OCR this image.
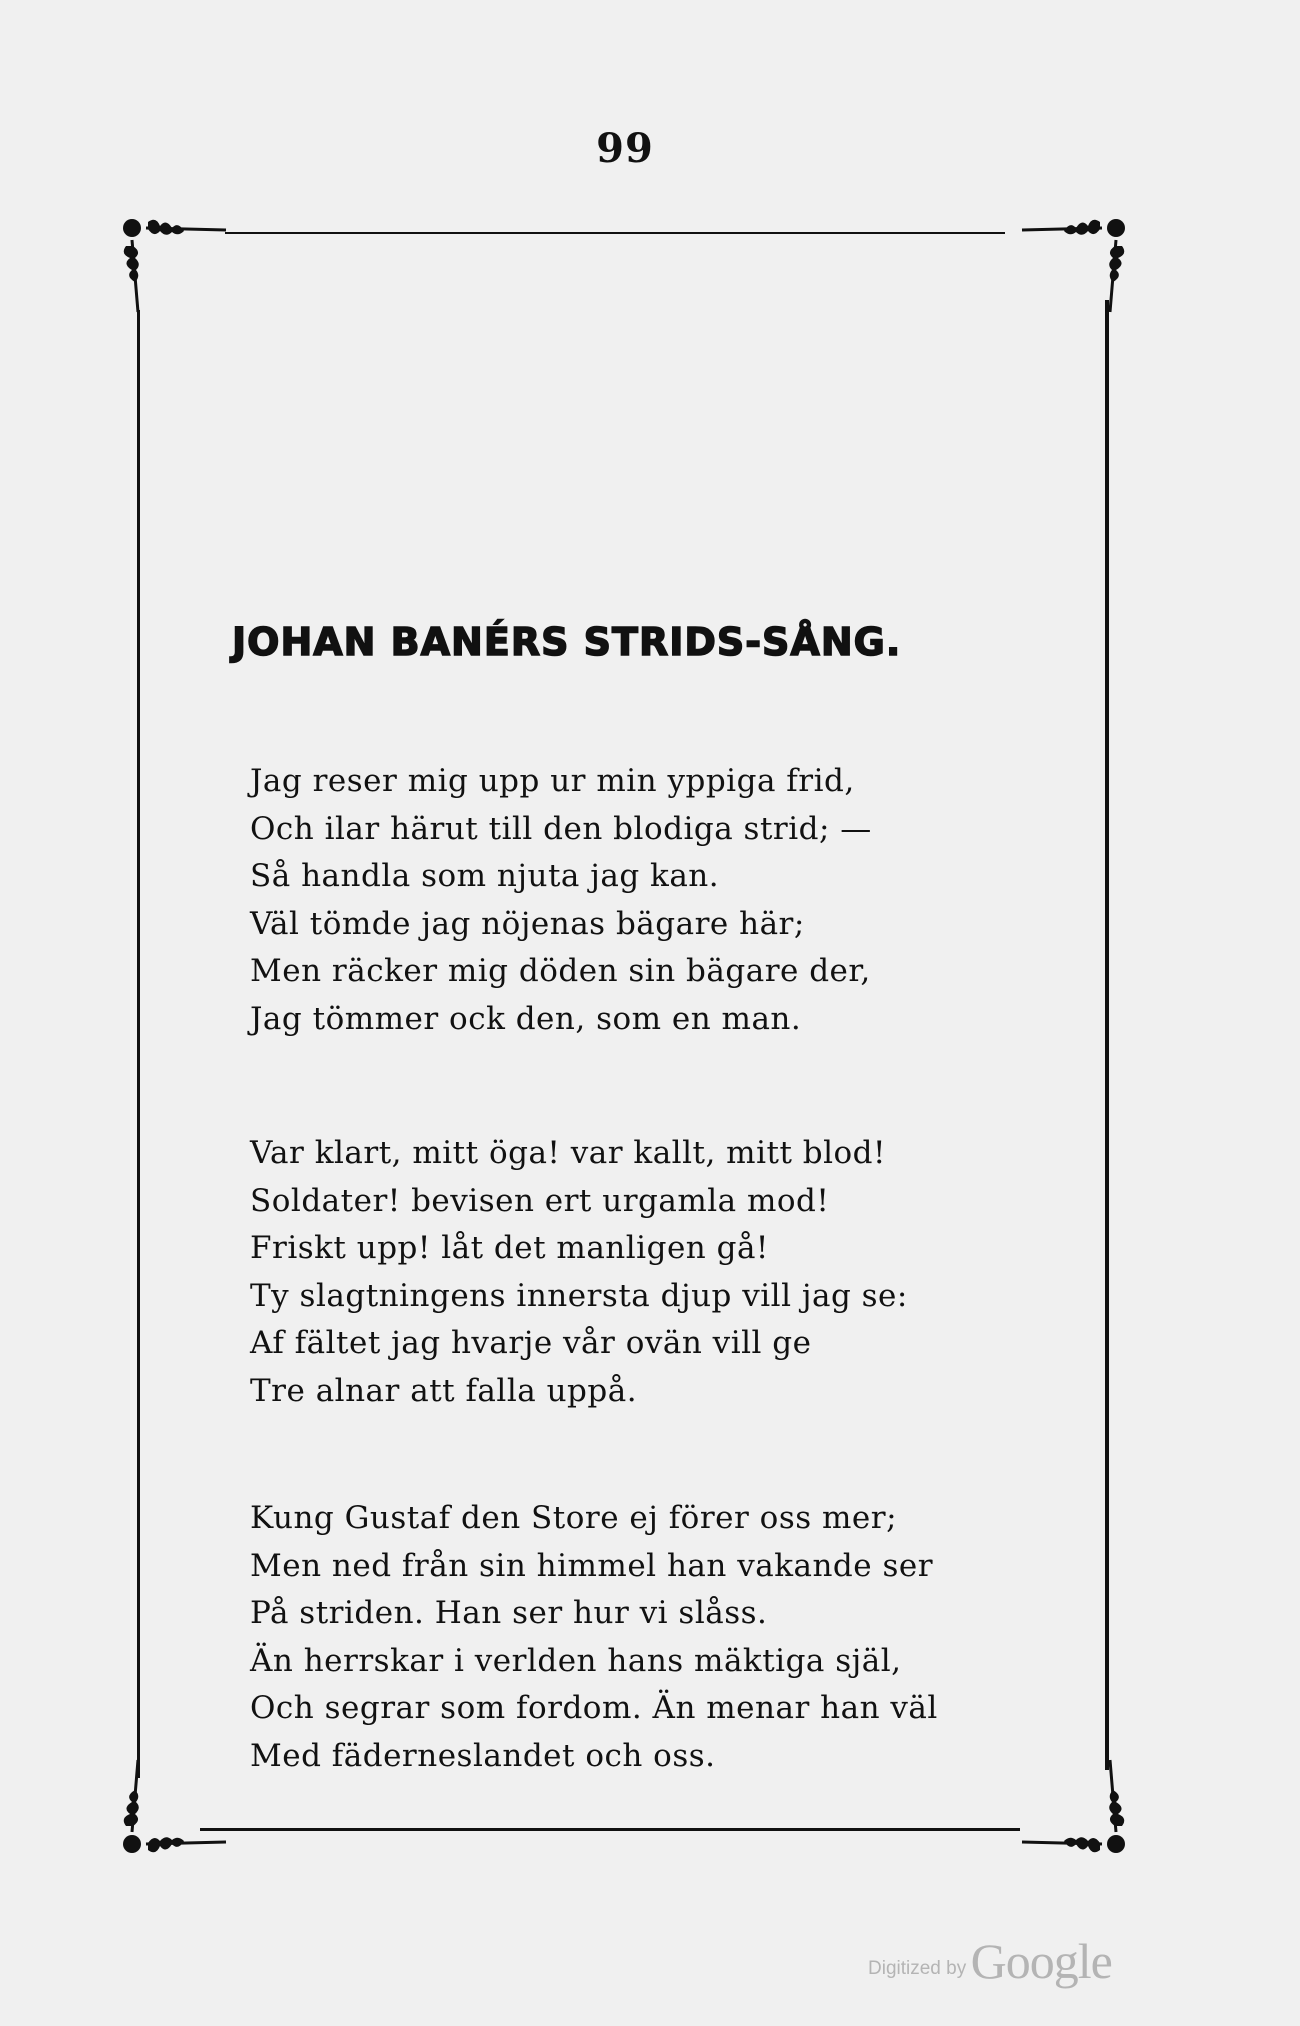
99
JOHAN BANÉRS STRIDS-SÅNG.
Jag reser mig upp ur min yppiga frid,
Och ilar härut till den blodiga strid; —
Så handla som njuta jag kan.
Väl tömde jag nöjenas bägare här;
Men räcker mig döden sin bägare der,
Jag tömmer ock den, som en man.
Var klart, mitt öga! var kallt, mitt blod!
Soldater! bevisen ert urgamla mod!
Friskt upp! låt det manligen gå!
Ty slagtningens innersta djup vill jag se:
Af fältet jag hvarje vår ovän vill ge
Tre alnar att falla uppå.
Kung Gustaf den Store ej förer oss mer;
Men ned från sin himmel han vakande ser
På striden. Han ser hur vi slåss.
Än herrskar i verlden hans mäktiga själ,
Och segrar som fordom. Än menar han väl
Med fäderneslandet och oss.
Digitized by Google
